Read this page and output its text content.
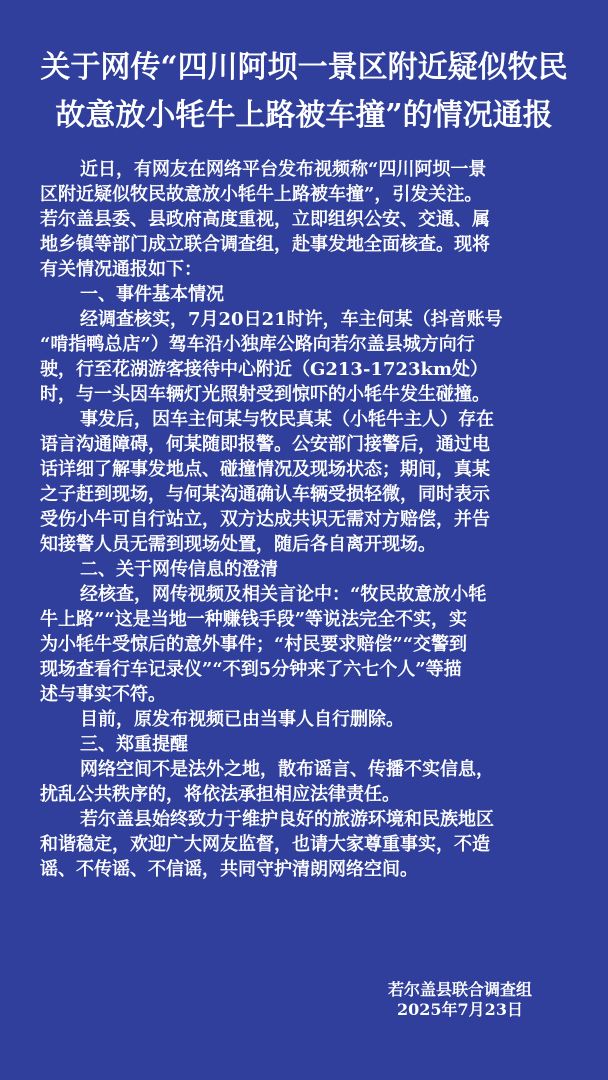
关于网传“四川阿坝一景区附近疑似牧民
故意放小牦牛上路被车撞”的情况通报

近日，有网友在网络平台发布视频称“四川阿坝一景

区附近疑似牧民故意放小牦牛上路被车撞”，引发关注。

若尔盖县委、县政府高度重视，立即组织公安、交通、属

地乡镇等部门成立联合调查组，赴事发地全面核查。现将

有关情况通报如下：

一、事件基本情况

经调查核实，7月20日21时许，车主何某（抖音账号

“啃指鸭总店”）驾车沿小独库公路向若尔盖县城方向行

驶，行至花湖游客接待中心附近（G213-1723km处）

时，与一头因车辆灯光照射受到惊吓的小牦牛发生碰撞。

事发后，因车主何某与牧民真某（小牦牛主人）存在

语言沟通障碍，何某随即报警。公安部门接警后，通过电

话详细了解事发地点、碰撞情况及现场状态；期间，真某

之子赶到现场，与何某沟通确认车辆受损轻微，同时表示

受伤小牛可自行站立，双方达成共识无需对方赔偿，并告

知接警人员无需到现场处置，随后各自离开现场。

二、关于网传信息的澄清

经核查，网传视频及相关言论中：“牧民故意放小牦

牛上路”“这是当地一种赚钱手段”等说法完全不实，实

为小牦牛受惊后的意外事件；“村民要求赔偿”“交警到

现场查看行车记录仪”“不到5分钟来了六七个人”等描

述与事实不符。

目前，原发布视频已由当事人自行删除。

三、郑重提醒

网络空间不是法外之地，散布谣言、传播不实信息，

扰乱公共秩序的，将依法承担相应法律责任。

若尔盖县始终致力于维护良好的旅游环境和民族地区

和谐稳定，欢迎广大网友监督，也请大家尊重事实，不造

谣、不传谣、不信谣，共同守护清朗网络空间。

若尔盖县联合调查组
2025年7月23日
